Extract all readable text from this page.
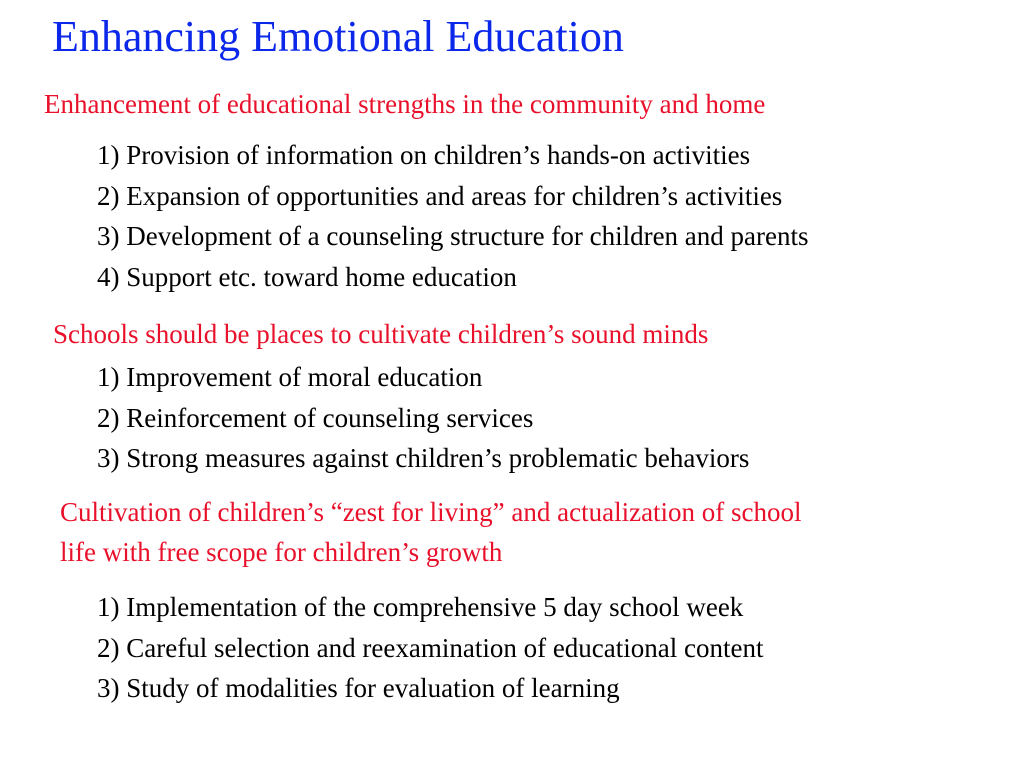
Enhancing Emotional Education
Enhancement of educational strengths in the community and home
1) Provision of information on children’s hands-on activities
2) Expansion of opportunities and areas for children’s activities
3) Development of a counseling structure for children and parents
4) Support etc. toward home education
Schools should be places to cultivate children’s sound minds
1) Improvement of moral education
2) Reinforcement of counseling services
3) Strong measures against children’s problematic behaviors
Cultivation of children’s “zest for living” and actualization of school
life with free scope for children’s growth
1) Implementation of the comprehensive 5 day school week
2) Careful selection and reexamination of educational content
3) Study of modalities for evaluation of learning
